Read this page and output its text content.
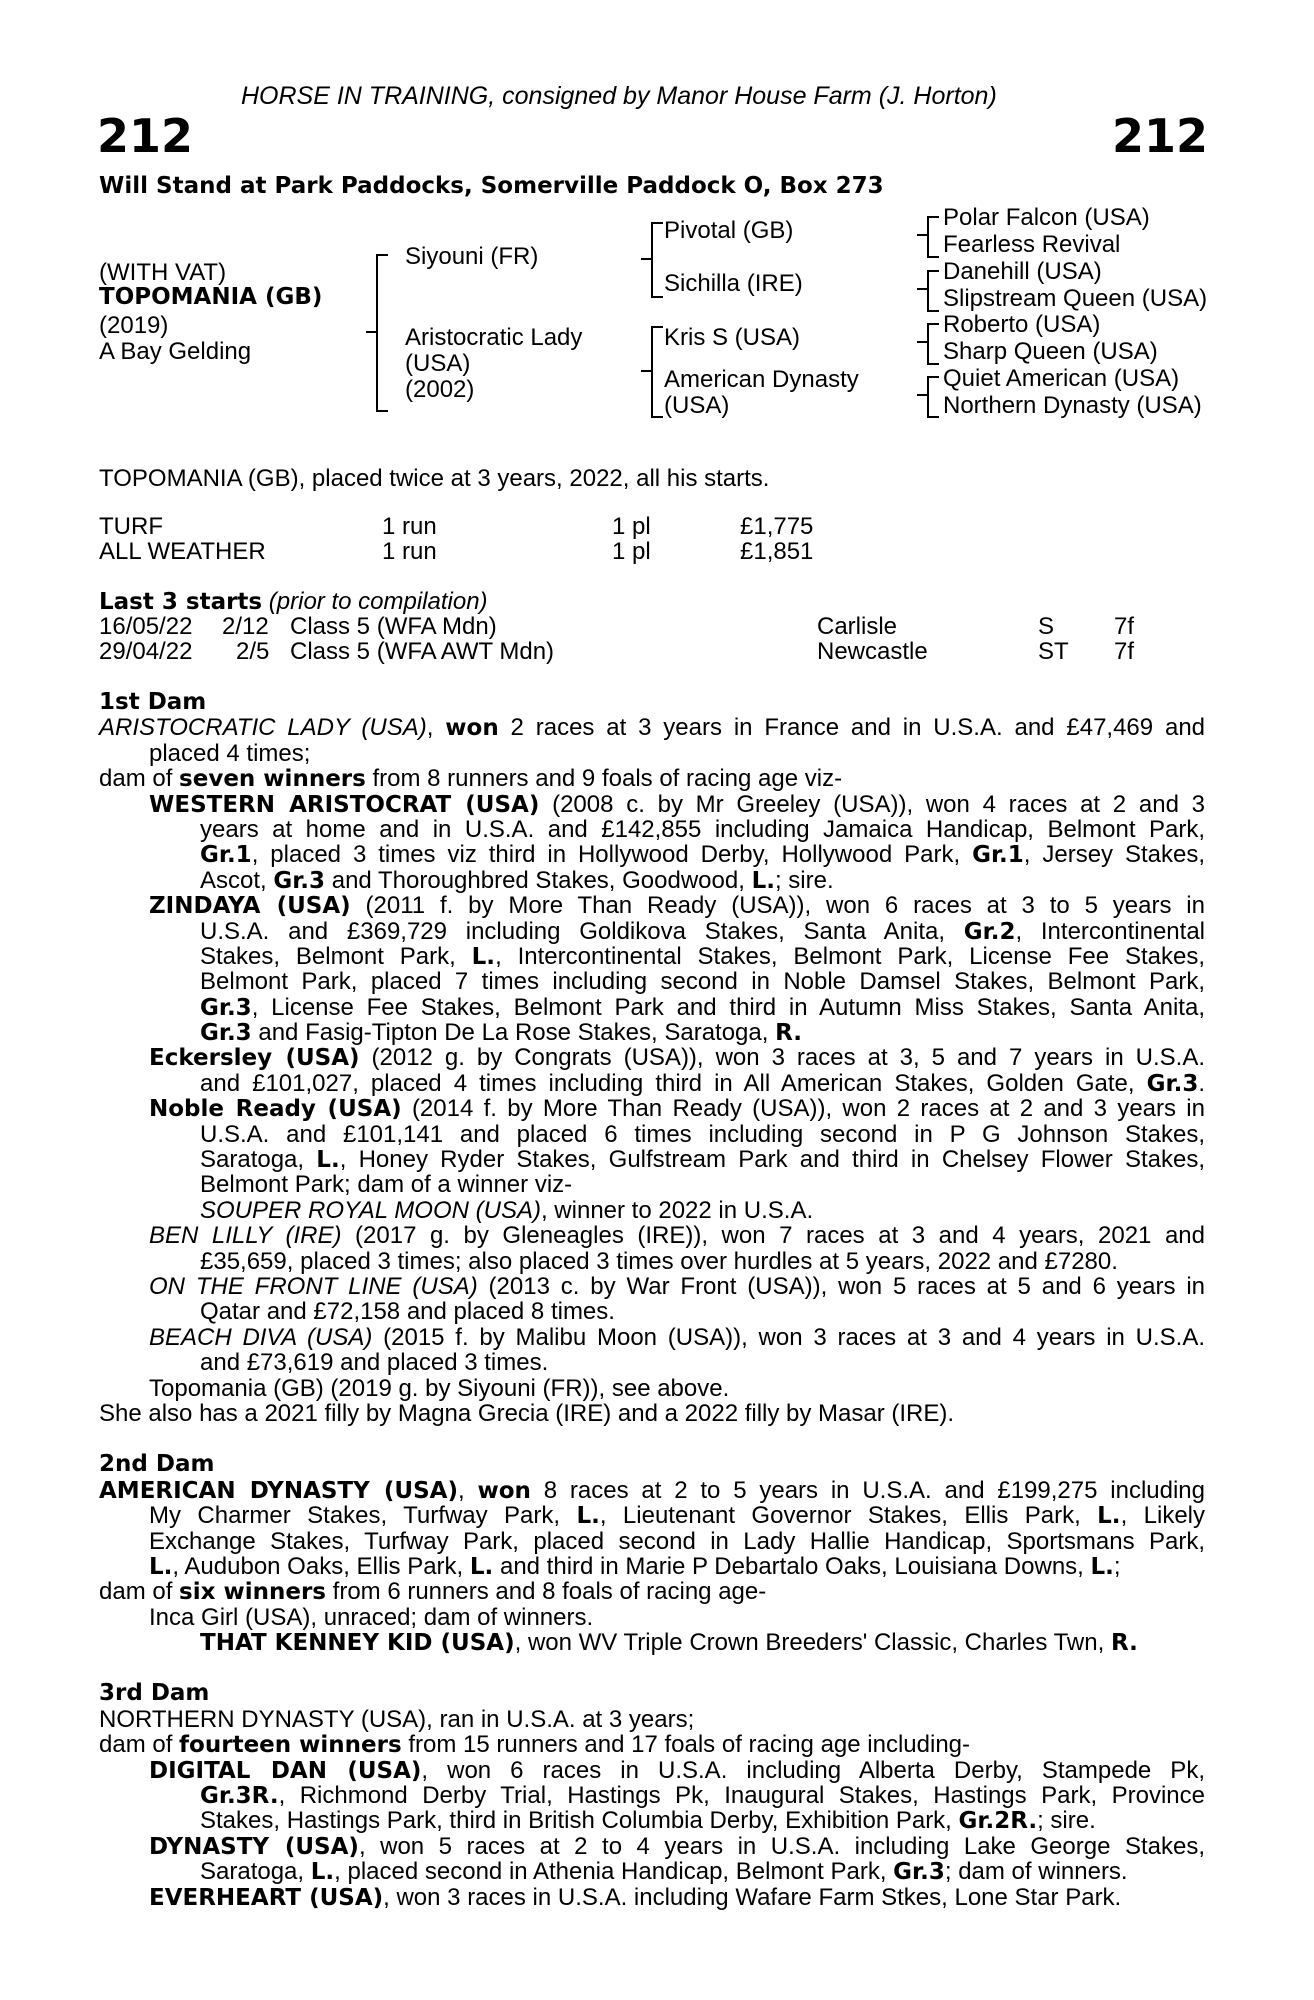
HORSE IN TRAINING, consigned by Manor House Farm (J. Horton)
212	212
Will Stand at Park Paddocks, Somerville Paddock O, Box 273
(WITH VAT)
TOPOMANIA (GB)
(2019)
A Bay Gelding
Siyouni (FR)
Aristocratic Lady
(USA)
(2002)
Pivotal (GB)
Sichilla (IRE)
Kris S (USA)
American Dynasty
(USA)
Polar Falcon (USA)
Fearless Revival
Danehill (USA)
Slipstream Queen (USA)
Roberto (USA)
Sharp Queen (USA)
Quiet American (USA)
Northern Dynasty (USA)
TOPOMANIA (GB), placed twice at 3 years, 2022, all his starts.
TURF	1 run	1 pl	£1,775
ALL WEATHER	1 run	1 pl	£1,851
Last 3 starts (prior to compilation)
16/05/22 2/12 Class 5 (WFA Mdn)	Carlisle	S 7f
29/04/22 2/5 Class 5 (WFA AWT Mdn)	Newcastle	ST 7f
1st Dam
ARISTOCRATIC LADY (USA), won 2 races at 3 years in France and in U.S.A. and £47,469 and
placed 4 times;
dam of seven winners from 8 runners and 9 foals of racing age viz-
WESTERN ARISTOCRAT (USA) (2008 c. by Mr Greeley (USA)), won 4 races at 2 and 3
years at home and in U.S.A. and £142,855 including Jamaica Handicap, Belmont Park,
Gr.1, placed 3 times viz third in Hollywood Derby, Hollywood Park, Gr.1, Jersey Stakes,
Ascot, Gr.3 and Thoroughbred Stakes, Goodwood, L.; sire.
ZINDAYA (USA) (2011 f. by More Than Ready (USA)), won 6 races at 3 to 5 years in
U.S.A. and £369,729 including Goldikova Stakes, Santa Anita, Gr.2, Intercontinental
Stakes, Belmont Park, L., Intercontinental Stakes, Belmont Park, License Fee Stakes,
Belmont Park, placed 7 times including second in Noble Damsel Stakes, Belmont Park,
Gr.3, License Fee Stakes, Belmont Park and third in Autumn Miss Stakes, Santa Anita,
Gr.3 and Fasig-Tipton De La Rose Stakes, Saratoga, R.
Eckersley (USA) (2012 g. by Congrats (USA)), won 3 races at 3, 5 and 7 years in U.S.A.
and £101,027, placed 4 times including third in All American Stakes, Golden Gate, Gr.3.
Noble Ready (USA) (2014 f. by More Than Ready (USA)), won 2 races at 2 and 3 years in
U.S.A. and £101,141 and placed 6 times including second in P G Johnson Stakes,
Saratoga, L., Honey Ryder Stakes, Gulfstream Park and third in Chelsey Flower Stakes,
Belmont Park; dam of a winner viz-
SOUPER ROYAL MOON (USA), winner to 2022 in U.S.A.
BEN LILLY (IRE) (2017 g. by Gleneagles (IRE)), won 7 races at 3 and 4 years, 2021 and
£35,659, placed 3 times; also placed 3 times over hurdles at 5 years, 2022 and £7280.
ON THE FRONT LINE (USA) (2013 c. by War Front (USA)), won 5 races at 5 and 6 years in
Qatar and £72,158 and placed 8 times.
BEACH DIVA (USA) (2015 f. by Malibu Moon (USA)), won 3 races at 3 and 4 years in U.S.A.
and £73,619 and placed 3 times.
Topomania (GB) (2019 g. by Siyouni (FR)), see above.
She also has a 2021 filly by Magna Grecia (IRE) and a 2022 filly by Masar (IRE).
2nd Dam
AMERICAN DYNASTY (USA), won 8 races at 2 to 5 years in U.S.A. and £199,275 including
My Charmer Stakes, Turfway Park, L., Lieutenant Governor Stakes, Ellis Park, L., Likely
Exchange Stakes, Turfway Park, placed second in Lady Hallie Handicap, Sportsmans Park,
L., Audubon Oaks, Ellis Park, L. and third in Marie P Debartalo Oaks, Louisiana Downs, L.;
dam of six winners from 6 runners and 8 foals of racing age-
Inca Girl (USA), unraced; dam of winners.
THAT KENNEY KID (USA), won WV Triple Crown Breeders' Classic, Charles Twn, R.
3rd Dam
NORTHERN DYNASTY (USA), ran in U.S.A. at 3 years;
dam of fourteen winners from 15 runners and 17 foals of racing age including-
DIGITAL DAN (USA), won 6 races in U.S.A. including Alberta Derby, Stampede Pk,
Gr.3R., Richmond Derby Trial, Hastings Pk, Inaugural Stakes, Hastings Park, Province
Stakes, Hastings Park, third in British Columbia Derby, Exhibition Park, Gr.2R.; sire.
DYNASTY (USA), won 5 races at 2 to 4 years in U.S.A. including Lake George Stakes,
Saratoga, L., placed second in Athenia Handicap, Belmont Park, Gr.3; dam of winners.
EVERHEART (USA), won 3 races in U.S.A. including Wafare Farm Stkes, Lone Star Park.
